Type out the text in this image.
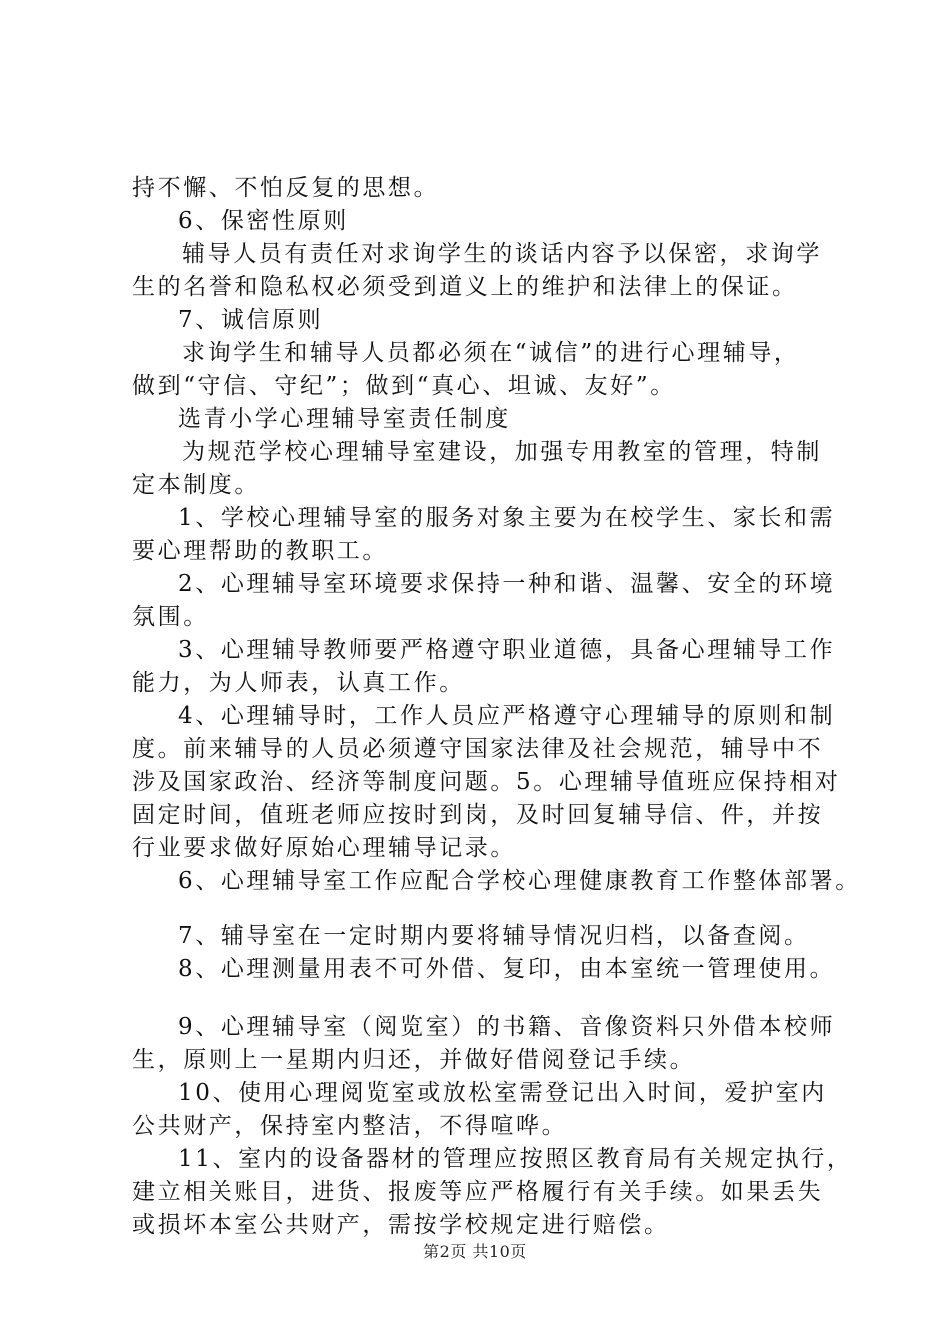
持不懈、不怕反复的思想。
6、保密性原则
辅导人员有责任对求询学生的谈话内容予以保密，求询学
生的名誉和隐私权必须受到道义上的维护和法律上的保证。
7、诚信原则
求询学生和辅导人员都必须在“诚信”的进行心理辅导，
做到“守信、守纪”；做到“真心、坦诚、友好”。
选青小学心理辅导室责任制度
为规范学校心理辅导室建设，加强专用教室的管理，特制
定本制度。
1、学校心理辅导室的服务对象主要为在校学生、家长和需
要心理帮助的教职工。
2、心理辅导室环境要求保持一种和谐、温馨、安全的环境
氛围。
3、心理辅导教师要严格遵守职业道德，具备心理辅导工作
能力，为人师表，认真工作。
4、心理辅导时，工作人员应严格遵守心理辅导的原则和制
度。前来辅导的人员必须遵守国家法律及社会规范，辅导中不
涉及国家政治、经济等制度问题。5。心理辅导值班应保持相对
固定时间，值班老师应按时到岗，及时回复辅导信、件，并按
行业要求做好原始心理辅导记录。
6、心理辅导室工作应配合学校心理健康教育工作整体部署。
7、辅导室在一定时期内要将辅导情况归档，以备查阅。
8、心理测量用表不可外借、复印，由本室统一管理使用。
9、心理辅导室（阅览室）的书籍、音像资料只外借本校师
生，原则上一星期内归还，并做好借阅登记手续。
10、使用心理阅览室或放松室需登记出入时间，爱护室内
公共财产，保持室内整洁，不得喧哗。
11、室内的设备器材的管理应按照区教育局有关规定执行，
建立相关账目，进货、报废等应严格履行有关手续。如果丢失
或损坏本室公共财产，需按学校规定进行赔偿。
第2页 共10页
